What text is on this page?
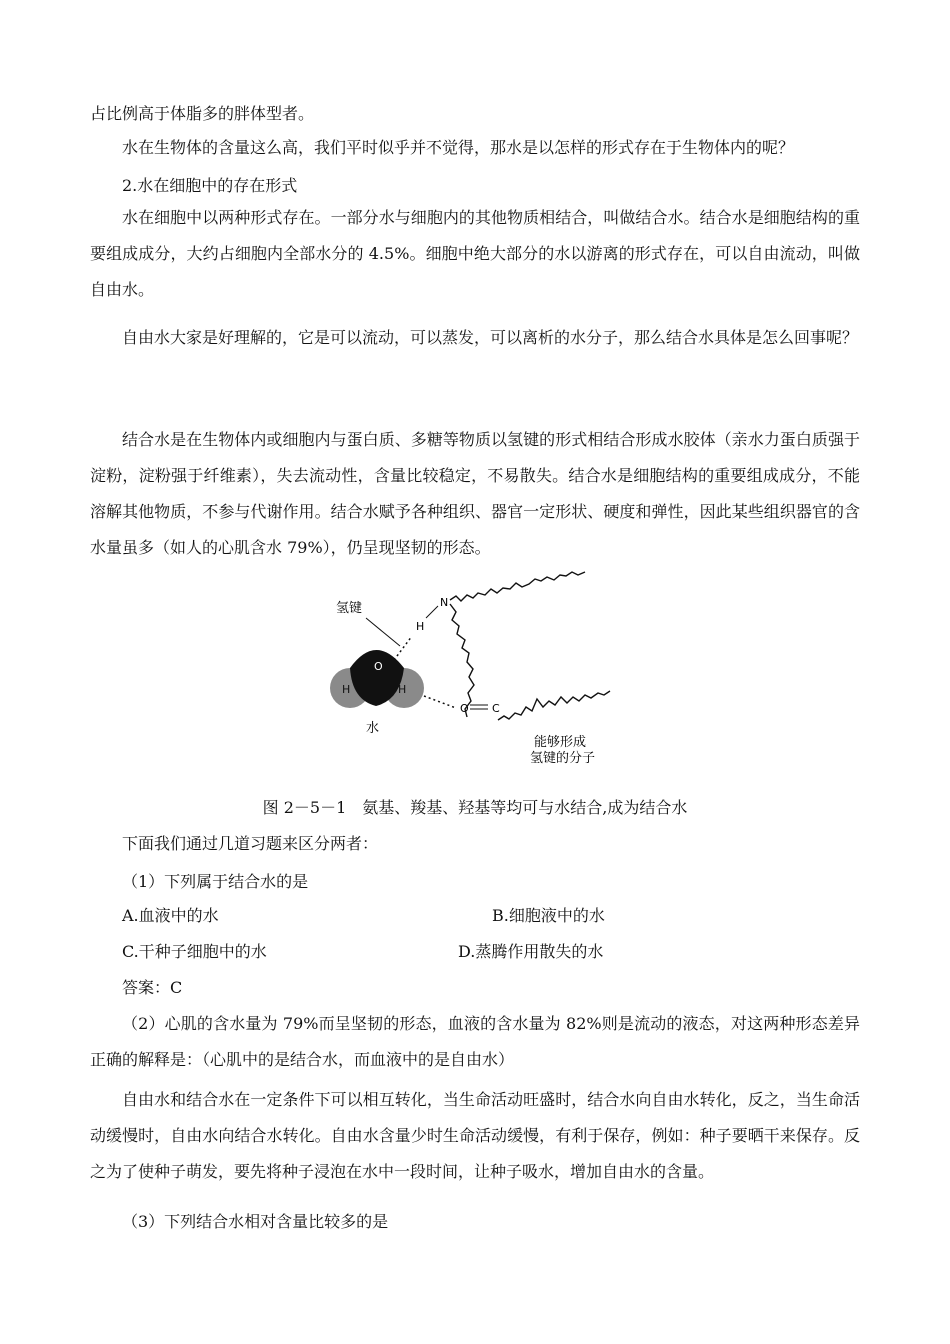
占比例高于体脂多的胖体型者。
水在生物体的含量这么高，我们平时似乎并不觉得，那水是以怎样的形式存在于生物体内的呢？
2.水在细胞中的存在形式
水在细胞中以两种形式存在。一部分水与细胞内的其他物质相结合，叫做结合水。结合水是细胞结构的重要组成成分，大约占细胞内全部水分的 4.5%。细胞中绝大部分的水以游离的形式存在，可以自由流动，叫做自由水。
自由水大家是好理解的，它是可以流动，可以蒸发，可以离析的水分子，那么结合水具体是怎么回事呢？
结合水是在生物体内或细胞内与蛋白质、多糖等物质以氢键的形式相结合形成水胶体（亲水力蛋白质强于淀粉，淀粉强于纤维素），失去流动性，含量比较稳定，不易散失。结合水是细胞结构的重要组成成分，不能溶解其他物质，不参与代谢作用。结合水赋予各种组织、器官一定形状、硬度和弹性，因此某些组织器官的含水量虽多（如人的心肌含水 79%），仍呈现坚韧的形态。
O
H	H
氢键
H
N
O C
水
能够形成
氢键的分子
图 2－5－1　氨基、羧基、羟基等均可与水结合,成为结合水
下面我们通过几道习题来区分两者：
（1）下列属于结合水的是
A.血液中的水	B.细胞液中的水
C.干种子细胞中的水	D.蒸腾作用散失的水
答案：C
（2）心肌的含水量为 79%而呈坚韧的形态，血液的含水量为 82%则是流动的液态，对这两种形态差异正确的解释是：（心肌中的是结合水，而血液中的是自由水）
自由水和结合水在一定条件下可以相互转化，当生命活动旺盛时，结合水向自由水转化，反之，当生命活动缓慢时，自由水向结合水转化。自由水含量少时生命活动缓慢，有利于保存，例如：种子要晒干来保存。反之为了使种子萌发，要先将种子浸泡在水中一段时间，让种子吸水，增加自由水的含量。
（3）下列结合水相对含量比较多的是
